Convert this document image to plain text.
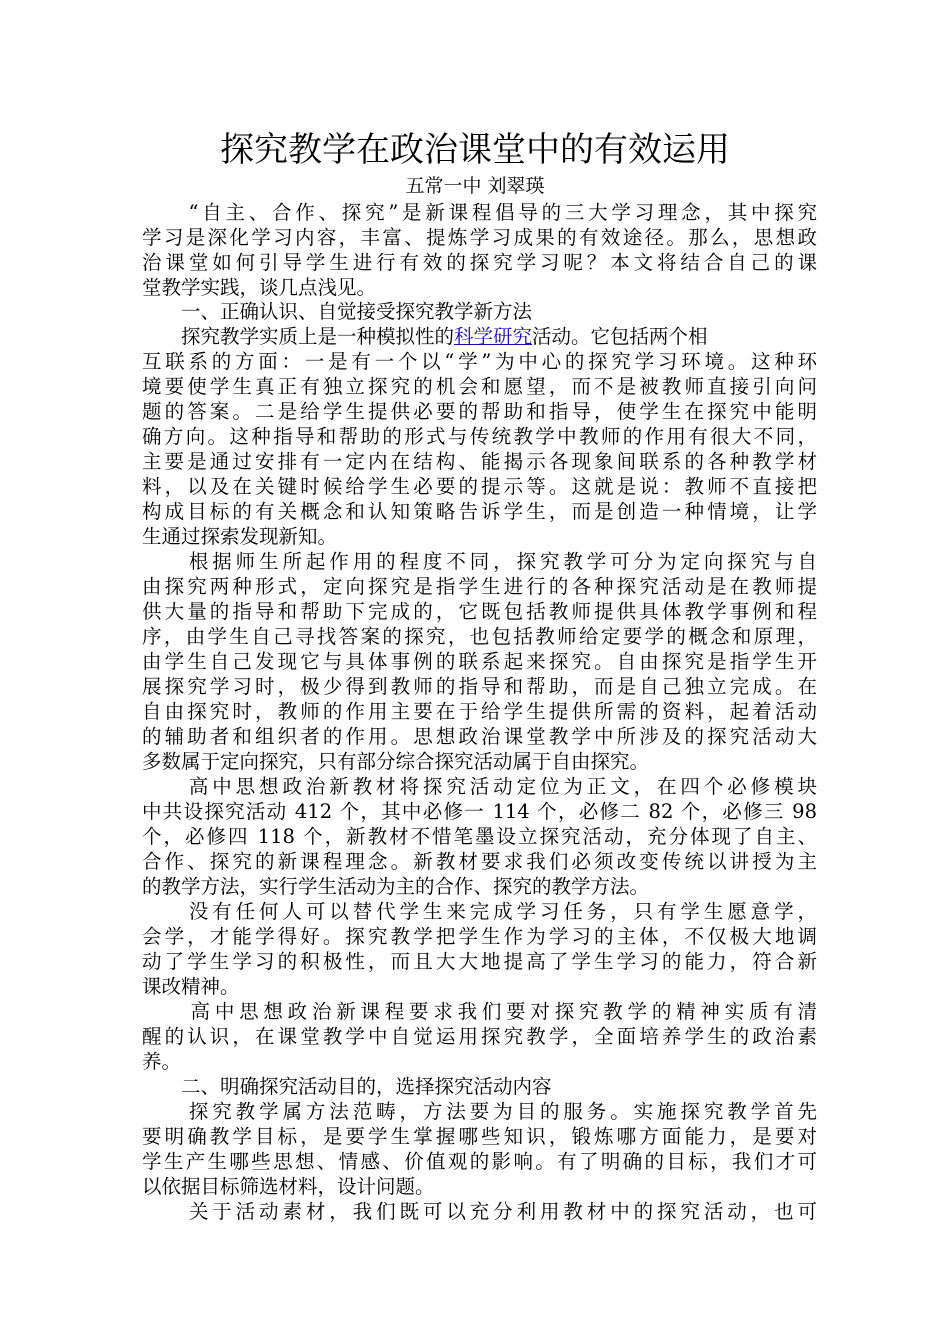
探究教学在政治课堂中的有效运用
五常一中 刘翠瑛
　　“自主、合作、探究”是新课程倡导的三大学习理念，其中探究
学习是深化学习内容，丰富、提炼学习成果的有效途径。那么，思想政
治课堂如何引导学生进行有效的探究学习呢？本文将结合自己的课
堂教学实践，谈几点浅见。
　　一、正确认识、自觉接受探究教学新方法
　　探究教学实质上是一种模拟性的科学研究活动。它包括两个相
互联系的方面：一是有一个以“学”为中心的探究学习环境。这种环
境要使学生真正有独立探究的机会和愿望，而不是被教师直接引向问
题的答案。二是给学生提供必要的帮助和指导，使学生在探究中能明
确方向。这种指导和帮助的形式与传统教学中教师的作用有很大不同，
主要是通过安排有一定内在结构、能揭示各现象间联系的各种教学材
料，以及在关键时候给学生必要的提示等。这就是说：教师不直接把
构成目标的有关概念和认知策略告诉学生，而是创造一种情境，让学
生通过探索发现新知。
　　根据师生所起作用的程度不同，探究教学可分为定向探究与自
由探究两种形式，定向探究是指学生进行的各种探究活动是在教师提
供大量的指导和帮助下完成的，它既包括教师提供具体教学事例和程
序，由学生自己寻找答案的探究，也包括教师给定要学的概念和原理，
由学生自己发现它与具体事例的联系起来探究。自由探究是指学生开
展探究学习时，极少得到教师的指导和帮助，而是自己独立完成。在
自由探究时，教师的作用主要在于给学生提供所需的资料，起着活动
的辅助者和组织者的作用。思想政治课堂教学中所涉及的探究活动大
多数属于定向探究，只有部分综合探究活动属于自由探究。
　　高中思想政治新教材将探究活动定位为正文，在四个必修模块
中共设探究活动 412 个，其中必修一 114 个，必修二 82 个，必修三 98
个，必修四 118 个，新教材不惜笔墨设立探究活动，充分体现了自主、
合作、探究的新课程理念。新教材要求我们必须改变传统以讲授为主
的教学方法，实行学生活动为主的合作、探究的教学方法。
　　没有任何人可以替代学生来完成学习任务，只有学生愿意学，
会学，才能学得好。探究教学把学生作为学习的主体，不仅极大地调
动了学生学习的积极性，而且大大地提高了学生学习的能力，符合新
课改精神。
　　高中思想政治新课程要求我们要对探究教学的精神实质有清
醒的认识，在课堂教学中自觉运用探究教学，全面培养学生的政治素
养。
　　二、明确探究活动目的，选择探究活动内容
　　探究教学属方法范畴，方法要为目的服务。实施探究教学首先
要明确教学目标，是要学生掌握哪些知识，锻炼哪方面能力，是要对
学生产生哪些思想、情感、价值观的影响。有了明确的目标，我们才可
以依据目标筛选材料，设计问题。
　　关于活动素材，我们既可以充分利用教材中的探究活动，也可
